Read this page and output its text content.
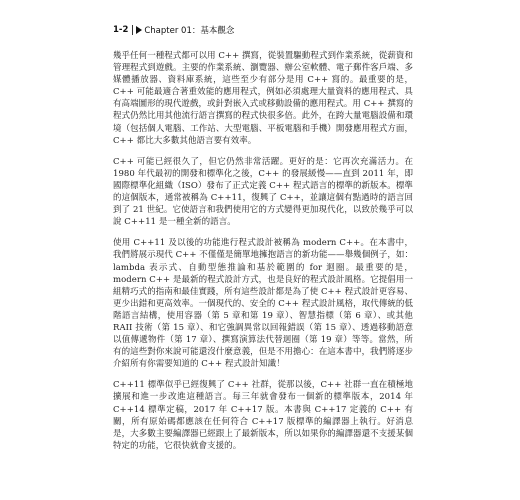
1-2 Chapter 01：基本觀念

幾乎任何一種程式都可以用 C++ 撰寫，從裝置驅動程式到作業系統，從薪資和管理程式到遊戲。主要的作業系統、瀏覽器、辦公室軟體、電子郵件客戶端、多媒體播放器、資料庫系統，這些至少有部分是用 C++ 寫的。最重要的是，C++ 可能最適合著重效能的應用程式，例如必須處理大量資料的應用程式、具有高端圖形的現代遊戲，或針對嵌入式或移動設備的應用程式。用 C++ 撰寫的程式仍然比用其他流行語言撰寫的程式快很多倍。此外，在跨大量電腦設備和環境（包括個人電腦、工作站、大型電腦、平板電腦和手機）開發應用程式方面，C++ 都比大多數其他語言要有效率。

C++ 可能已經很久了，但它仍然非常活躍。更好的是：它再次充滿活力。在 1980 年代最初的開發和標準化之後，C++ 的發展緩慢——直到 2011 年，即國際標準化組織（ISO）發布了正式定義 C++ 程式語言的標準的新版本。標準的這個版本，通常被稱為 C++11，復興了 C++，並讓這個有點過時的語言回到了 21 世紀。它使語言和我們使用它的方式變得更加現代化，以致於幾乎可以說 C++11 是一種全新的語言。

使用 C++11 及以後的功能進行程式設計被稱為 modern C++。在本書中，我們將展示現代 C++ 不僅僅是簡單地擁抱語言的新功能——舉幾個例子，如：lambda 表示式、自動型態推論和基於範圍的 for 迴圈。最重要的是，modern C++ 是最新的程式設計方式，也是良好的程式設計風格。它提倡用一組精巧式的指南和最佳實踐，所有這些設計都是為了使 C++ 程式設計更容易、更少出錯和更高效率。一個現代的、安全的 C++ 程式設計風格，取代傳統的低階語言結構，使用容器（第 5 章和第 19 章）、智慧指標（第 6 章）、或其他 RAII 技術（第 15 章）、和它強調異常以回報錯誤（第 15 章）、透過移動語意以值傳遞物件（第 17 章）、撰寫演算法代替迴圈（第 19 章）等等。當然，所有的這些對你來說可能還沒什麼意義，但是不用擔心：在這本書中，我們將逐步介紹所有你需要知道的 C++ 程式設計知識！

C++11 標準似乎已經復興了 C++ 社群，從那以後，C++ 社群一直在積極地擴展和進一步改進這種語言。每三年就會發布一個新的標準版本，2014 年 C++14 標準定稿，2017 年 C++17 版。本書與 C++17 定義的 C++ 有關，所有原始碼都應該在任何符合 C++17 版標準的編譯器上執行。好消息是，大多數主要編譯器已經跟上了最新版本，所以如果你的編譯器還不支援某個特定的功能，它很快就會支援的。
